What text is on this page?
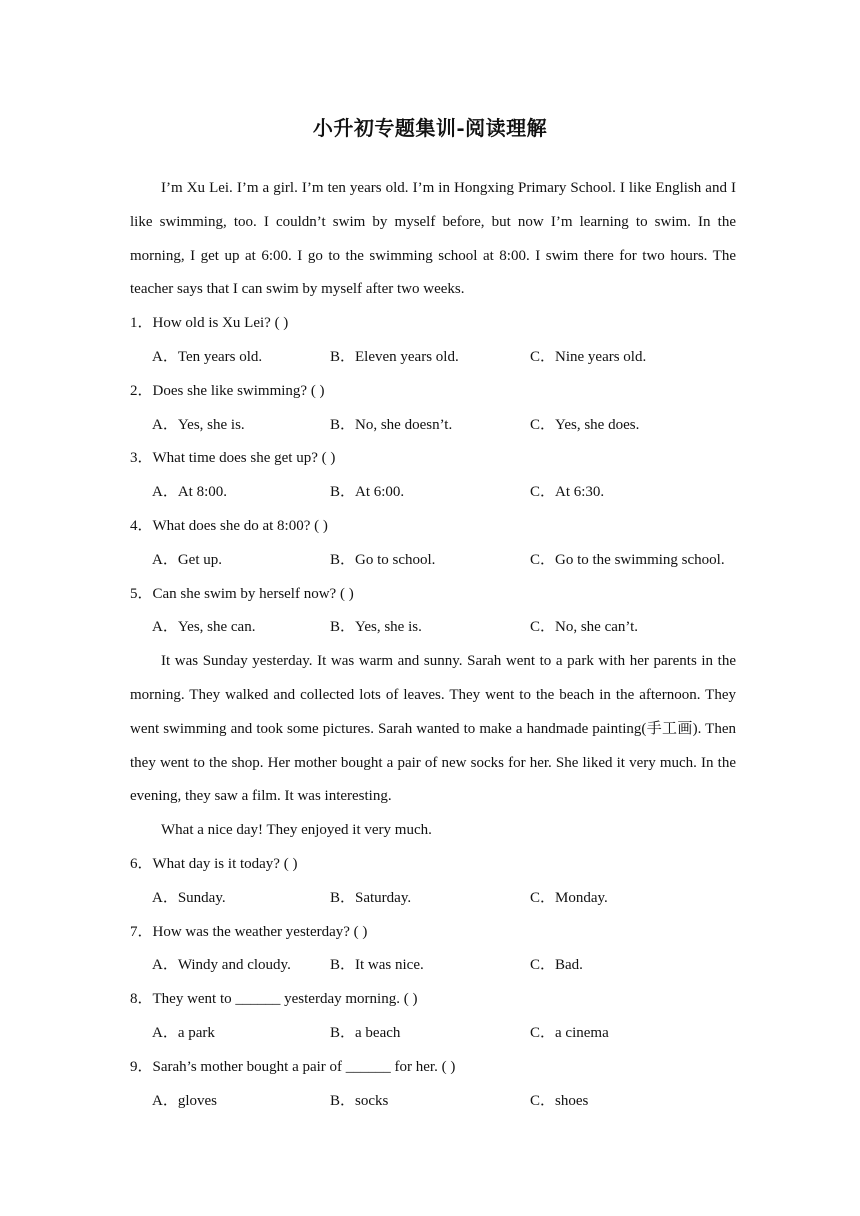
小升初专题集训-阅读理解

I’m Xu Lei. I’m a girl. I’m ten years old. I’m in Hongxing Primary School. I like English and I like swimming, too. I couldn’t swim by myself before, but now I’m learning to swim. In the morning, I get up at 6:00. I go to the swimming school at 8:00. I swim there for two hours. The teacher says that I can swim by myself after two weeks.

1．How old is Xu Lei? ( )
A．Ten years old.	B．Eleven years old.	C．Nine years old.
2．Does she like swimming? ( )
A．Yes, she is.	B．No, she doesn’t.	C．Yes, she does.
3．What time does she get up? ( )
A．At 8:00.	B．At 6:00.	C．At 6:30.
4．What does she do at 8:00? ( )
A．Get up.	B．Go to school.	C．Go to the swimming school.
5．Can she swim by herself now? ( )
A．Yes, she can.	B．Yes, she is.	C．No, she can’t.

It was Sunday yesterday. It was warm and sunny. Sarah went to a park with her parents in the morning. They walked and collected lots of leaves. They went to the beach in the afternoon. They went swimming and took some pictures. Sarah wanted to make a handmade painting(手工画). Then they went to the shop. Her mother bought a pair of new socks for her. She liked it very much. In the evening, they saw a film. It was interesting.

What a nice day! They enjoyed it very much.

6．What day is it today? ( )
A．Sunday.	B．Saturday.	C．Monday.
7．How was the weather yesterday? ( )
A．Windy and cloudy.	B．It was nice.	C．Bad.
8．They went to ______ yesterday morning. ( )
A．a park	B．a beach	C．a cinema
9．Sarah’s mother bought a pair of ______ for her. ( )
A．gloves	B．socks	C．shoes
